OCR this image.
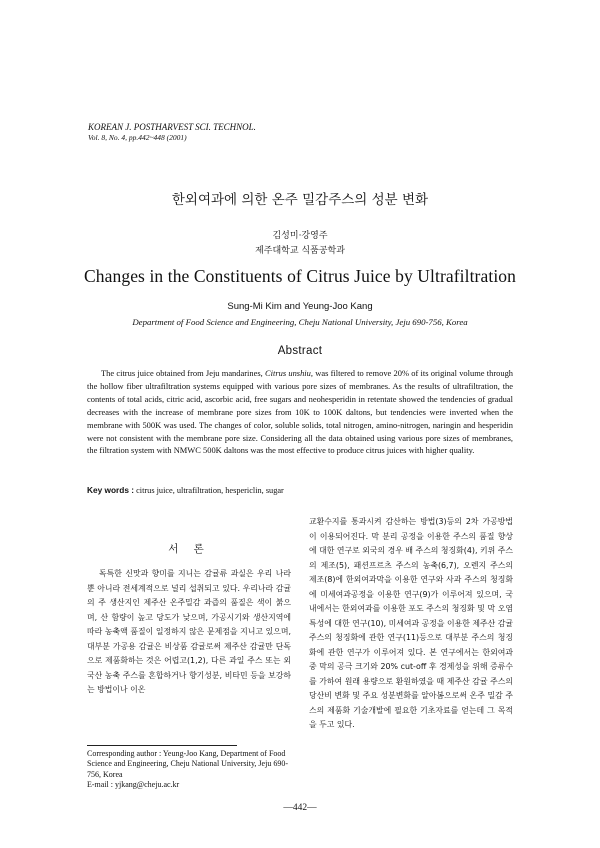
KOREAN J. POSTHARVEST SCI. TECHNOL.
Vol. 8, No. 4, pp.442~448 (2001)
한외여과에 의한 온주 밀감주스의 성분 변화
김성미·강영주
제주대학교 식품공학과
Changes in the Constituents of Citrus Juice by Ultrafiltration
Sung-Mi Kim and Yeung-Joo Kang
Department of Food Science and Engineering, Cheju National University, Jeju 690-756, Korea
Abstract

The citrus juice obtained from Jeju mandarines, Citrus unshiu, was filtered to remove 20% of its original volume through the hollow fiber ultrafiltration systems equipped with various pore sizes of membranes. As the results of ultrafiltration, the contents of total acids, citric acid, ascorbic acid, free sugars and neohesperidin in retentate showed the tendencies of gradual decreases with the increase of membrane pore sizes from 10K to 100K daltons, but tendencies were inverted when the membrane with 500K was used. The changes of color, soluble solids, total nitrogen, amino-nitrogen, naringin and hesperidin were not consistent with the membrane pore size. Considering all the data obtained using various pore sizes of membranes, the filtration system with NMWC 500K daltons was the most effective to produce citrus juices with higher quality.

Key words : citrus juice, ultrafiltration, hespericlin, sugar
서 론

독특한 신맛과 향미를 지니는 감귤류 과실은 우리 나라뿐 아니라 전세계적으로 널리 섭취되고 있다. 우리나라 감귤의 주 생산지인 제주산 온주밀감 과즙의 품질은 색이 붉으며, 산 함량이 높고 당도가 낮으며, 가공시기와 생산지역에 따라 농축액 품질이 일정하지 않은 문제점을 지니고 있으며, 대부분 가공용 감귤은 비상품 감귤로써 제주산 감귤만 단독으로 제품화하는 것은 어렵고(1,2), 다른 과일 주스 또는 외국산 농축 주스를 혼합하거나 향기성분, 비타민 등을 보강하는 방법이나 이온

교환수지를 통과시켜 감산하는 방법(3)등의 2차 가공방법이 이용되어진다. 막 분리 공정을 이용한 주스의 품질 향상에 대한 연구로 외국의 경우 배 주스의 청징화(4), 키위 주스의 제조(5), 패션프르츠 주스의 농축(6,7), 오렌지 주스의 제조(8)에 한외여과막을 이용한 연구와 사과 주스의 청징화에 미세여과공정을 이용한 연구(9)가 이루어져 있으며, 국내에서는 한외여과를 이용한 포도 주스의 청징화 및 막 오염 특성에 대한 연구(10), 미세여과 공정을 이용한 제주산 감귤 주스의 청징화에 관한 연구(11)등으로 대부분 주스의 청징화에 관한 연구가 이루어져 있다. 본 연구에서는 한외여과 중 막의 공극 크기와 20% cut-off 후 경제성을 위해 증류수를 가하여 원래 용량으로 환원하였을 때 제주산 감귤 주스의 당산비 변화 및 주요 성분변화를 알아봄으로써 온주 밀감 주스의 제품화 기술개발에 필요한 기초자료를 얻는데 그 목적을 두고 있다.

Corresponding author : Yeung-Joo Kang, Department of Food Science and Engineering, Cheju National University, Jeju 690-756, Korea
E-mail : yjkang@cheju.ac.kr
—442—
